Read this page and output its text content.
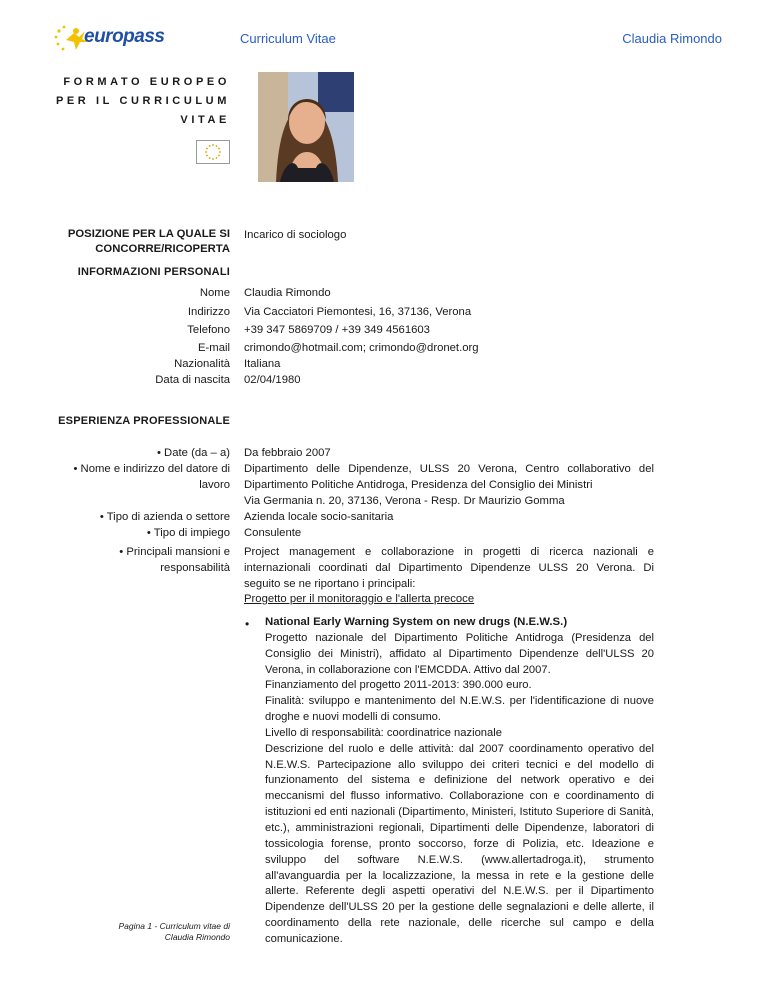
europass	Curriculum Vitae	Claudia Rimondo
FORMATO EUROPEO
PER IL CURRICULUM
VITAE
POSIZIONE PER LA QUALE SI CONCORRE/RICOPERTA
Incarico di sociologo
INFORMAZIONI PERSONALI
Nome Claudia Rimondo
Indirizzo Via Cacciatori Piemontesi, 16, 37136, Verona
Telefono +39 347 5869709 / +39 349 4561603
E-mail crimondo@hotmail.com; crimondo@dronet.org
Nazionalità Italiana
Data di nascita 02/04/1980
ESPERIENZA PROFESSIONALE
• Date (da – a) Da febbraio 2007
• Nome e indirizzo del datore di
lavoro
Dipartimento delle Dipendenze, ULSS 20 Verona, Centro collaborativo del
Dipartimento Politiche Antidroga, Presidenza del Consiglio dei Ministri
Via Germania n. 20, 37136, Verona - Resp. Dr Maurizio Gomma
• Tipo di azienda o settore Azienda locale socio-sanitaria
• Tipo di impiego Consulente
• Principali mansioni e
responsabilità
Project management e collaborazione in progetti di ricerca nazionali e internazionali coordinati dal Dipartimento Dipendenze ULSS 20 Verona. Di seguito se ne riportano i principali:
Progetto per il monitoraggio e l'allerta precoce
• National Early Warning System on new drugs (N.E.W.S.)
Progetto nazionale del Dipartimento Politiche Antidroga (Presidenza del Consiglio dei Ministri), affidato al Dipartimento Dipendenze dell'ULSS 20 Verona, in collaborazione con l'EMCDDA. Attivo dal 2007.
Finanziamento del progetto 2011-2013: 390.000 euro.
Finalità: sviluppo e mantenimento del N.E.W.S. per l'identificazione di nuove droghe e nuovi modelli di consumo.
Livello di responsabilità: coordinatrice nazionale
Descrizione del ruolo e delle attività: dal 2007 coordinamento operativo del N.E.W.S. Partecipazione allo sviluppo dei criteri tecnici e del modello di funzionamento del sistema e definizione del network operativo e dei meccanismi del flusso informativo. Collaborazione con e coordinamento di istituzioni ed enti nazionali (Dipartimento, Ministeri, Istituto Superiore di Sanità, etc.), amministrazioni regionali, Dipartimenti delle Dipendenze, laboratori di tossicologia forense, pronto soccorso, forze di Polizia, etc. Ideazione e sviluppo del software N.E.W.S. (www.allertadroga.it), strumento all'avanguardia per la localizzazione, la messa in rete e la gestione delle allerte. Referente degli aspetti operativi del N.E.W.S. per il Dipartimento Dipendenze dell'ULSS 20 per la gestione delle segnalazioni e delle allerte, il coordinamento della rete nazionale, delle ricerche sul campo e della comunicazione.
Pagina 1 - Curriculum vitae di
Claudia Rimondo
